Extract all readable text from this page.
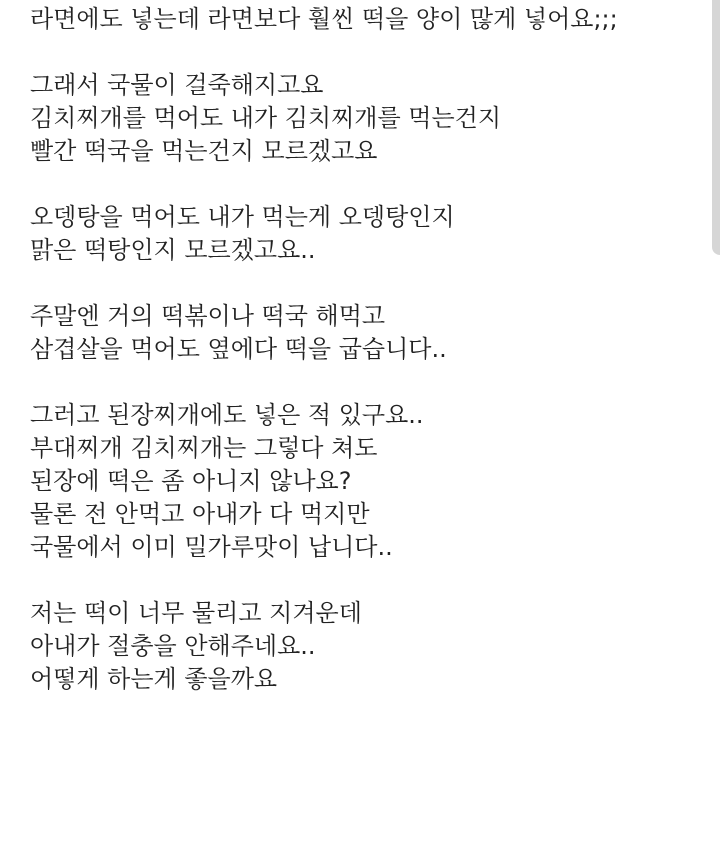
라면에도 넣는데 라면보다 훨씬 떡을 양이 많게 넣어요;;;
그래서 국물이 걸죽해지고요
김치찌개를 먹어도 내가 김치찌개를 먹는건지
빨간 떡국을 먹는건지 모르겠고요
오뎅탕을 먹어도 내가 먹는게 오뎅탕인지
맑은 떡탕인지 모르겠고요..
주말엔 거의 떡볶이나 떡국 해먹고
삼겹살을 먹어도 옆에다 떡을 굽습니다..
그러고 된장찌개에도 넣은 적 있구요..
부대찌개 김치찌개는 그렇다 쳐도
된장에 떡은 좀 아니지 않나요?
물론 전 안먹고 아내가 다 먹지만
국물에서 이미 밀가루맛이 납니다..
저는 떡이 너무 물리고 지겨운데
아내가 절충을 안해주네요..
어떻게 하는게 좋을까요
